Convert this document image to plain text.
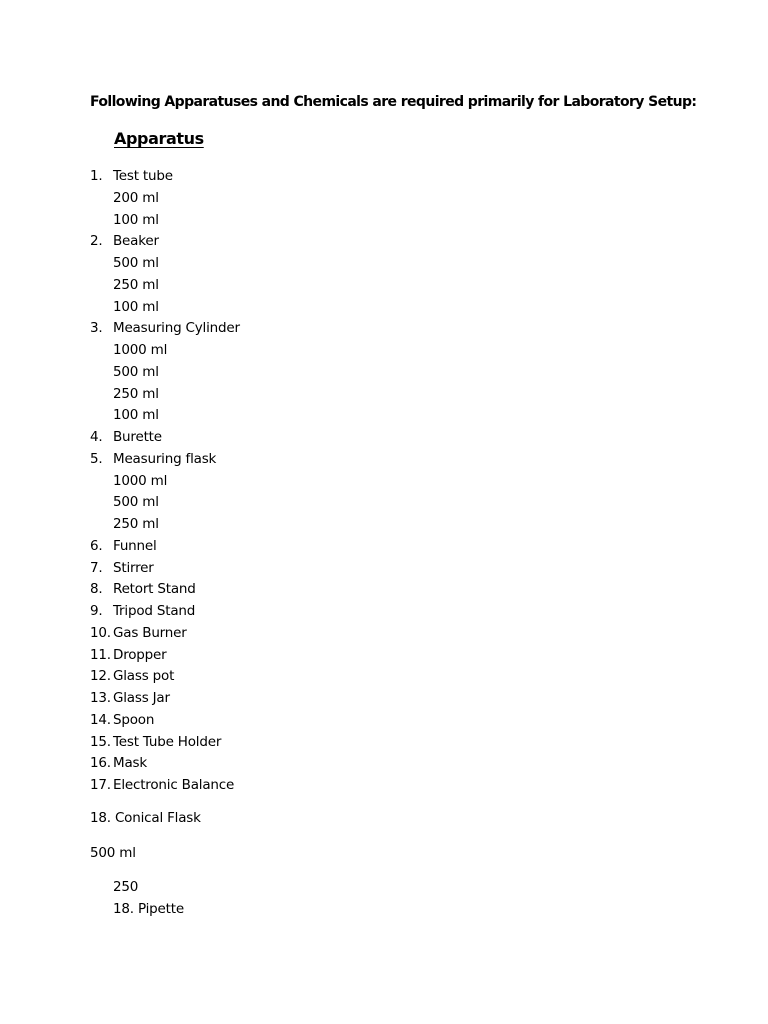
Following Apparatuses and Chemicals are required primarily for Laboratory Setup:
Apparatus
1. Test tube
200 ml
100 ml
2. Beaker
500 ml
250 ml
100 ml
3. Measuring Cylinder
1000 ml
500 ml
250 ml
100 ml
4. Burette
5. Measuring flask
1000 ml
500 ml
250 ml
6. Funnel
7. Stirrer
8. Retort Stand
9. Tripod Stand
10. Gas Burner
11. Dropper
12. Glass pot
13. Glass Jar
14. Spoon
15. Test Tube Holder
16. Mask
17. Electronic Balance
18. Conical Flask
500 ml
250
18. Pipette
